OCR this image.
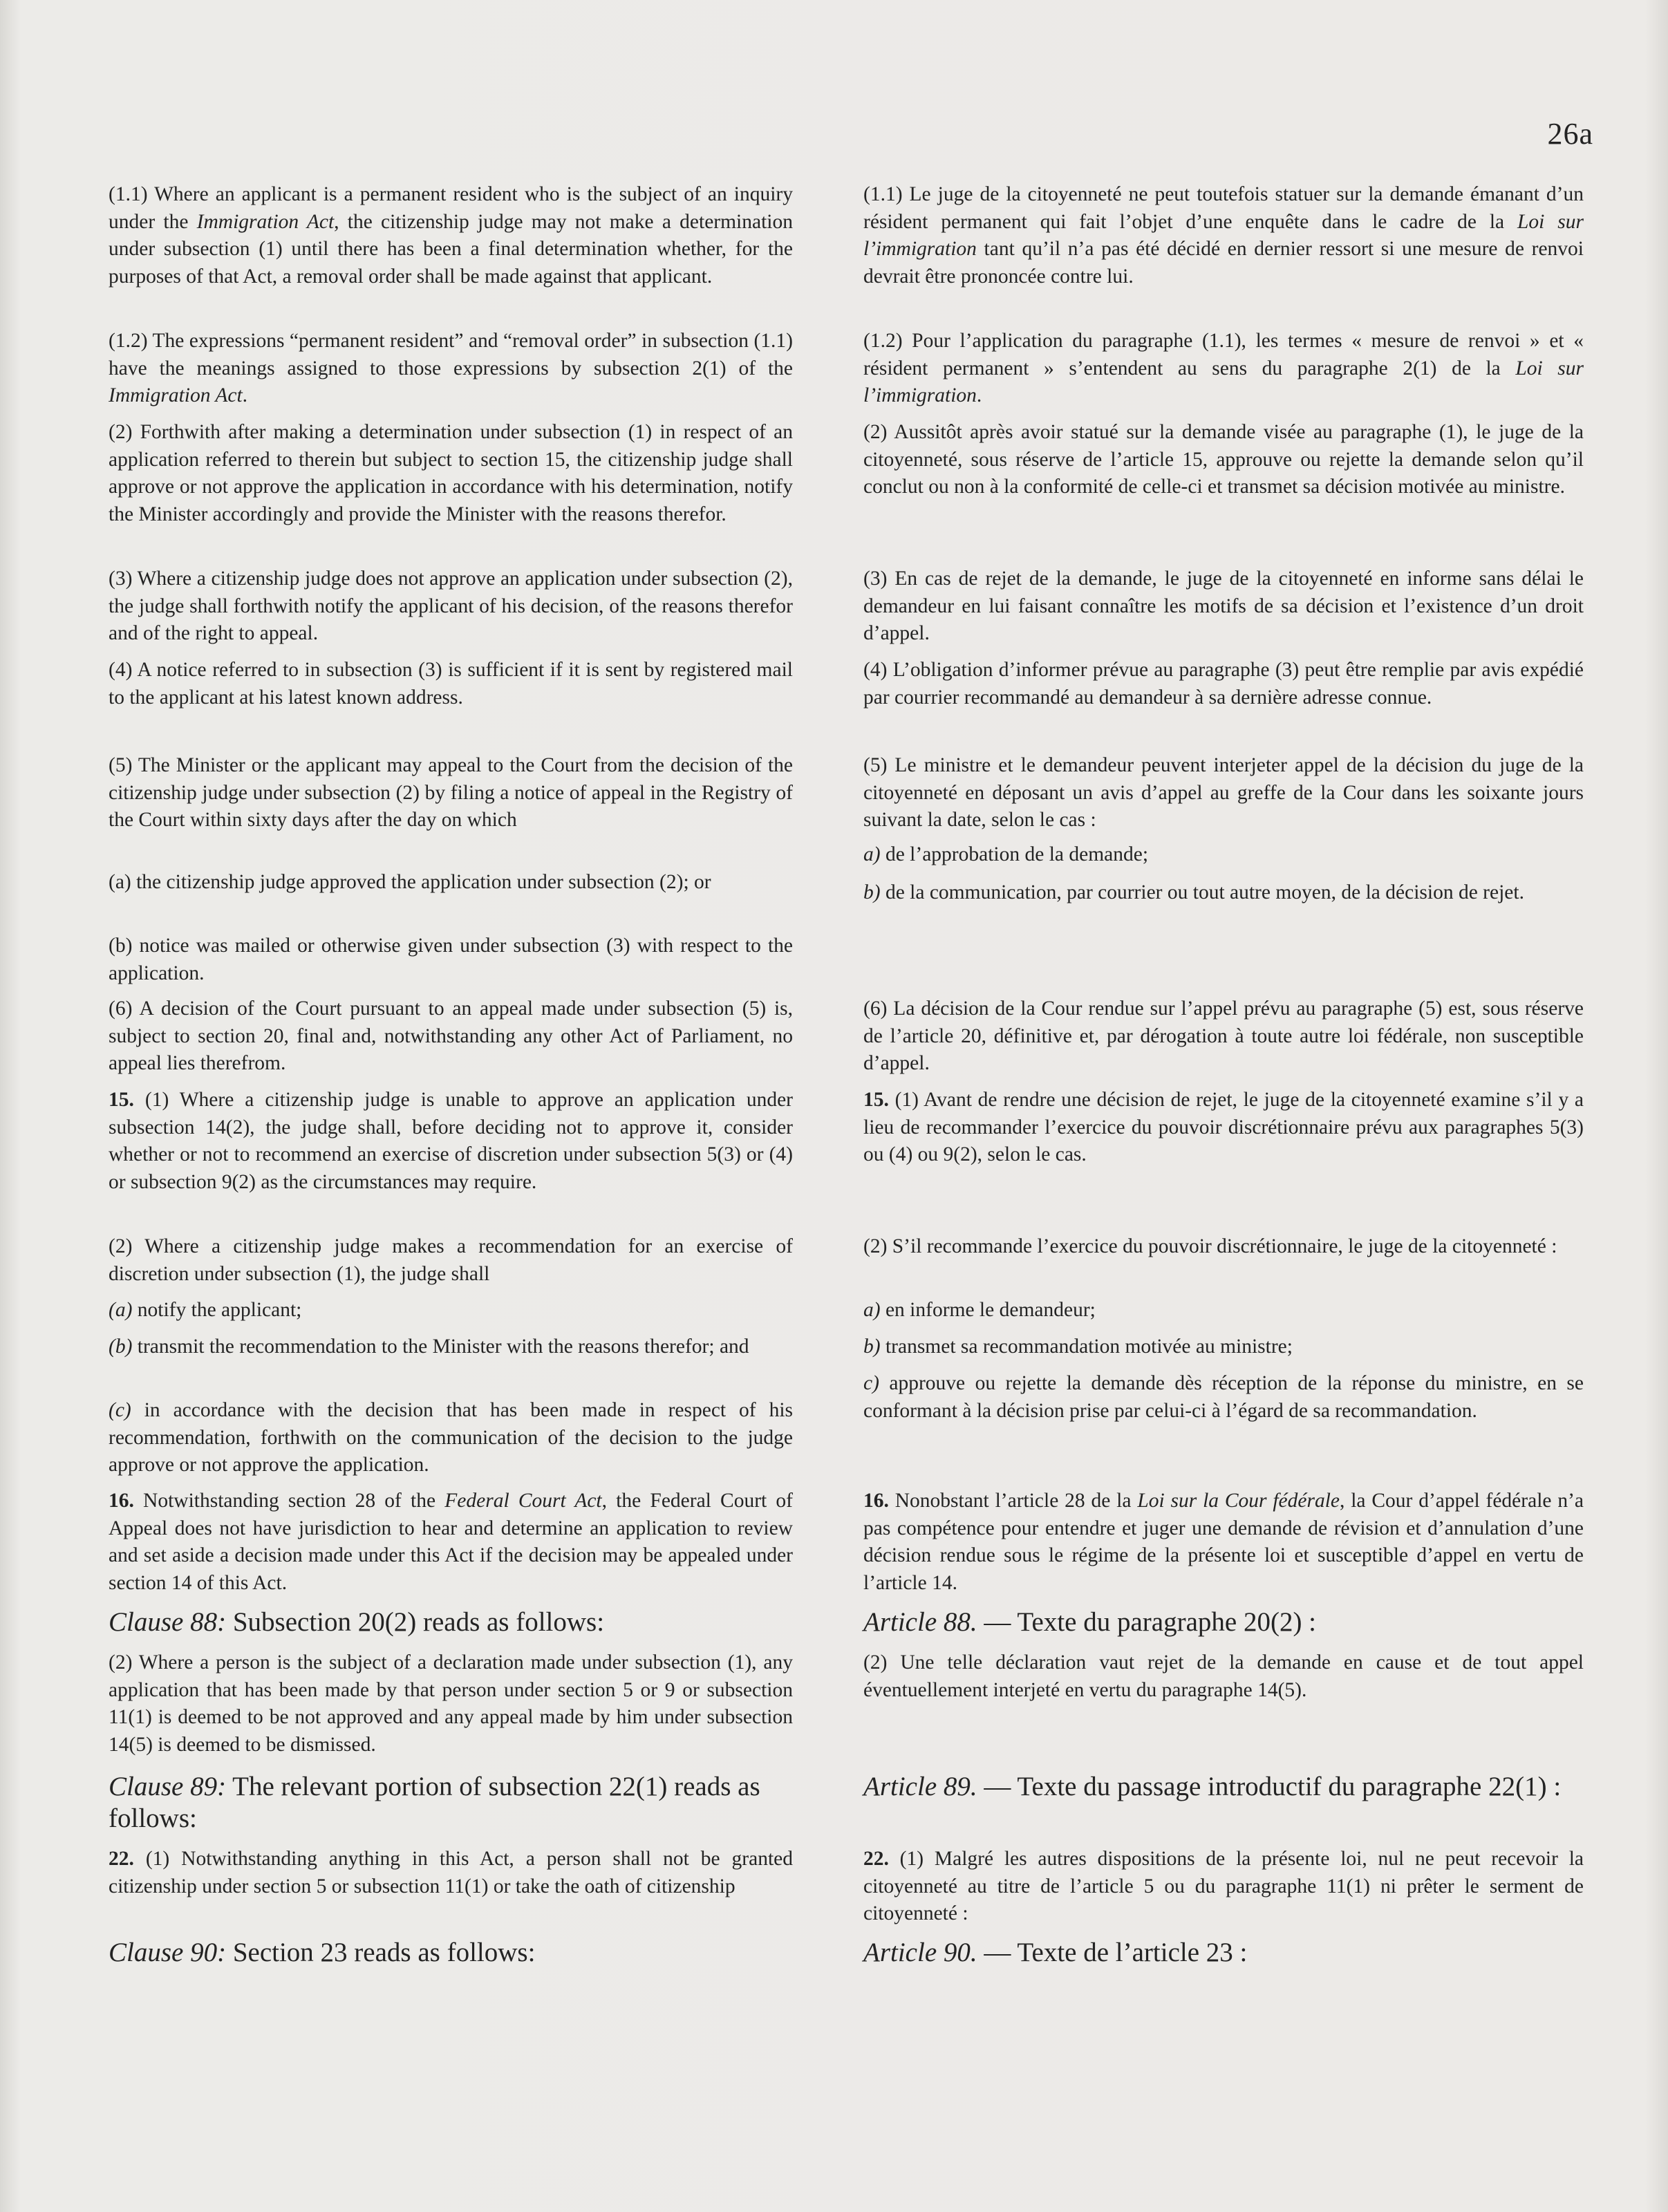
26a

(1.1) Where an applicant is a permanent resident who is the subject of an inquiry under the Immigration Act, the citizenship judge may not make a determination under subsection (1) until there has been a final determination whether, for the purposes of that Act, a removal order shall be made against that applicant.

(1.2) The expressions “permanent resident” and “removal order” in subsection (1.1) have the meanings assigned to those expressions by subsection 2(1) of the Immigration Act.

(2) Forthwith after making a determination under subsection (1) in respect of an application referred to therein but subject to section 15, the citizenship judge shall approve or not approve the application in accordance with his determination, notify the Minister accordingly and provide the Minister with the reasons therefor.

(3) Where a citizenship judge does not approve an application under subsection (2), the judge shall forthwith notify the applicant of his decision, of the reasons therefor and of the right to appeal.

(4) A notice referred to in subsection (3) is sufficient if it is sent by registered mail to the applicant at his latest known address.

(5) The Minister or the applicant may appeal to the Court from the decision of the citizenship judge under subsection (2) by filing a notice of appeal in the Registry of the Court within sixty days after the day on which

(a) the citizenship judge approved the application under subsection (2); or

(b) notice was mailed or otherwise given under subsection (3) with respect to the application.

(6) A decision of the Court pursuant to an appeal made under subsection (5) is, subject to section 20, final and, notwithstanding any other Act of Parliament, no appeal lies therefrom.

15. (1) Where a citizenship judge is unable to approve an application under subsection 14(2), the judge shall, before deciding not to approve it, consider whether or not to recommend an exercise of discretion under subsection 5(3) or (4) or subsection 9(2) as the circumstances may require.

(2) Where a citizenship judge makes a recommendation for an exercise of discretion under subsection (1), the judge shall

(a) notify the applicant;

(b) transmit the recommendation to the Minister with the reasons therefor; and

(c) in accordance with the decision that has been made in respect of his recommendation, forthwith on the communication of the decision to the judge approve or not approve the application.

16. Notwithstanding section 28 of the Federal Court Act, the Federal Court of Appeal does not have jurisdiction to hear and determine an application to review and set aside a decision made under this Act if the decision may be appealed under section 14 of this Act.

Clause 88: Subsection 20(2) reads as follows:

(2) Where a person is the subject of a declaration made under subsection (1), any application that has been made by that person under section 5 or 9 or subsection 11(1) is deemed to be not approved and any appeal made by him under subsection 14(5) is deemed to be dismissed.

Clause 89: The relevant portion of subsection 22(1) reads as follows:

22. (1) Notwithstanding anything in this Act, a person shall not be granted citizenship under section 5 or subsection 11(1) or take the oath of citizenship

Clause 90: Section 23 reads as follows:

(1.1) Le juge de la citoyenneté ne peut toutefois statuer sur la demande émanant d’un résident permanent qui fait l’objet d’une enquête dans le cadre de la Loi sur l’immigration tant qu’il n’a pas été décidé en dernier ressort si une mesure de renvoi devrait être prononcée contre lui.

(1.2) Pour l’application du paragraphe (1.1), les termes « mesure de renvoi » et « résident permanent » s’entendent au sens du paragraphe 2(1) de la Loi sur l’immigration.

(2) Aussitôt après avoir statué sur la demande visée au paragraphe (1), le juge de la citoyenneté, sous réserve de l’article 15, approuve ou rejette la demande selon qu’il conclut ou non à la conformité de celle-ci et transmet sa décision motivée au ministre.

(3) En cas de rejet de la demande, le juge de la citoyenneté en informe sans délai le demandeur en lui faisant connaître les motifs de sa décision et l’existence d’un droit d’appel.

(4) L’obligation d’informer prévue au paragraphe (3) peut être remplie par avis expédié par courrier recommandé au demandeur à sa dernière adresse connue.

(5) Le ministre et le demandeur peuvent interjeter appel de la décision du juge de la citoyenneté en déposant un avis d’appel au greffe de la Cour dans les soixante jours suivant la date, selon le cas :

a) de l’approbation de la demande;

b) de la communication, par courrier ou tout autre moyen, de la décision de rejet.

(6) La décision de la Cour rendue sur l’appel prévu au paragraphe (5) est, sous réserve de l’article 20, définitive et, par dérogation à toute autre loi fédérale, non susceptible d’appel.

15. (1) Avant de rendre une décision de rejet, le juge de la citoyenneté examine s’il y a lieu de recommander l’exercice du pouvoir discrétionnaire prévu aux paragraphes 5(3) ou (4) ou 9(2), selon le cas.

(2) S’il recommande l’exercice du pouvoir discrétionnaire, le juge de la citoyenneté :

a) en informe le demandeur;

b) transmet sa recommandation motivée au ministre;

c) approuve ou rejette la demande dès réception de la réponse du ministre, en se conformant à la décision prise par celui-ci à l’égard de sa recommandation.

16. Nonobstant l’article 28 de la Loi sur la Cour fédérale, la Cour d’appel fédérale n’a pas compétence pour entendre et juger une demande de révision et d’annulation d’une décision rendue sous le régime de la présente loi et susceptible d’appel en vertu de l’article 14.

Article 88. — Texte du paragraphe 20(2) :

(2) Une telle déclaration vaut rejet de la demande en cause et de tout appel éventuellement interjeté en vertu du paragraphe 14(5).

Article 89. — Texte du passage introductif du paragraphe 22(1) :

22. (1) Malgré les autres dispositions de la présente loi, nul ne peut recevoir la citoyenneté au titre de l’article 5 ou du paragraphe 11(1) ni prêter le serment de citoyenneté :

Article 90. — Texte de l’article 23 :
